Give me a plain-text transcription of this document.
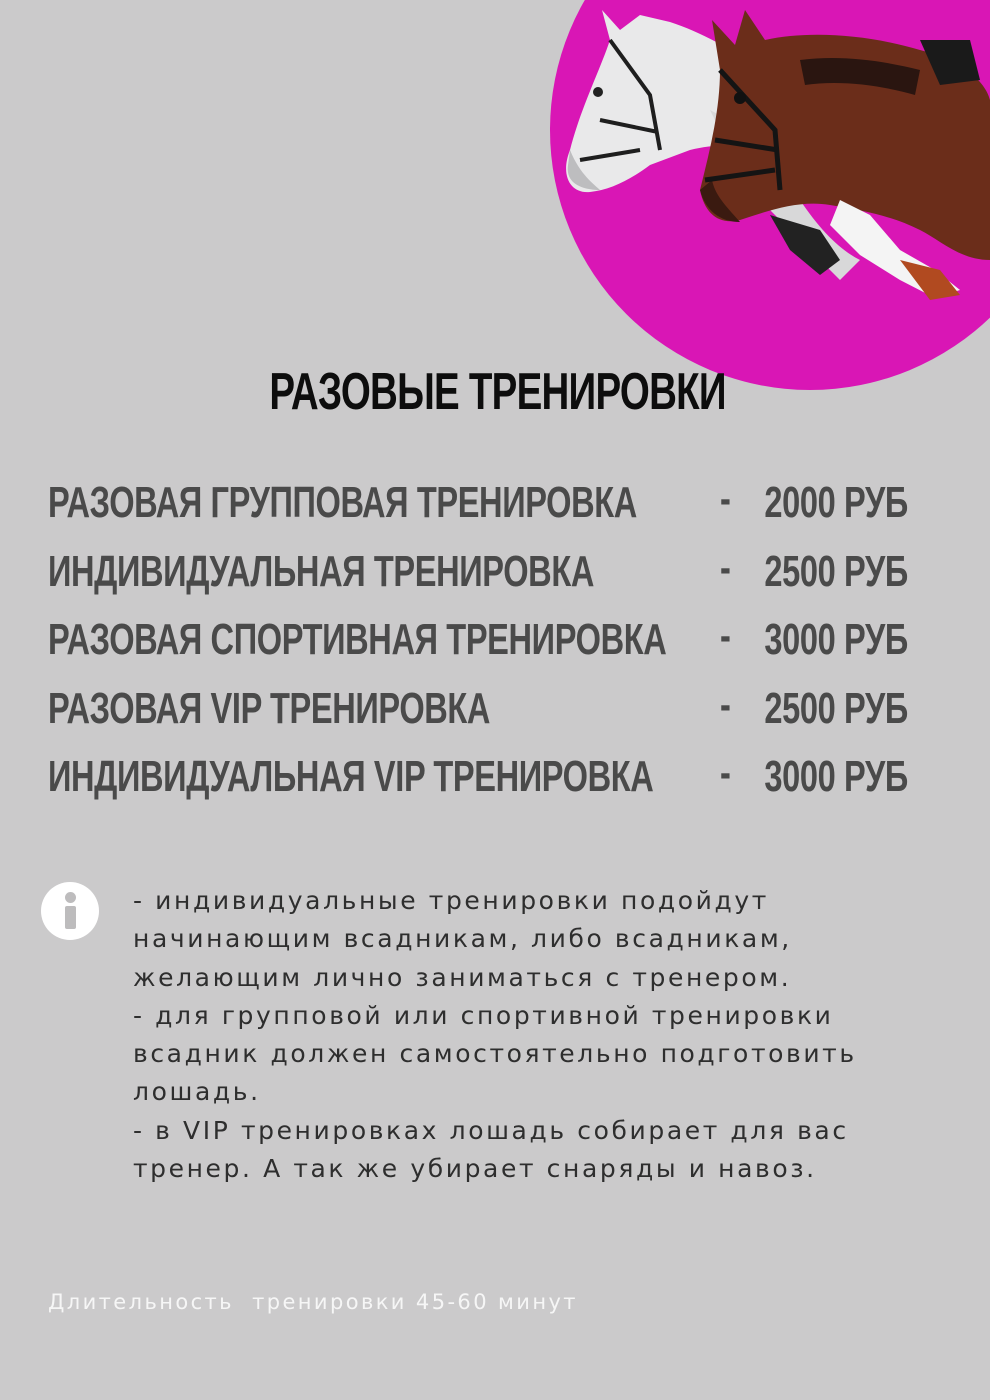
РАЗОВЫЕ ТРЕНИРОВКИ
РАЗОВАЯ ГРУППОВАЯ ТРЕНИРОВКА - 2000 РУБ
ИНДИВИДУАЛЬНАЯ ТРЕНИРОВКА	- 2500 РУБ
РАЗОВАЯ СПОРТИВНАЯ ТРЕНИРОВКА - 3000 РУБ
РАЗОВАЯ VIP ТРЕНИРОВКА	- 2500 РУБ
ИНДИВИДУАЛЬНАЯ VIP ТРЕНИРОВКА - 3000 РУБ

- индивидуальные тренировки подойдут начинающим всадникам, либо всадникам, желающим лично заниматься с тренером.

- для групповой или спортивной тренировки всадник должен самостоятельно подготовить лошадь.

- в VIP тренировках лошадь собирает для вас тренер. А так же убирает снаряды и навоз.

Длительность  тренировки 45-60 минут
